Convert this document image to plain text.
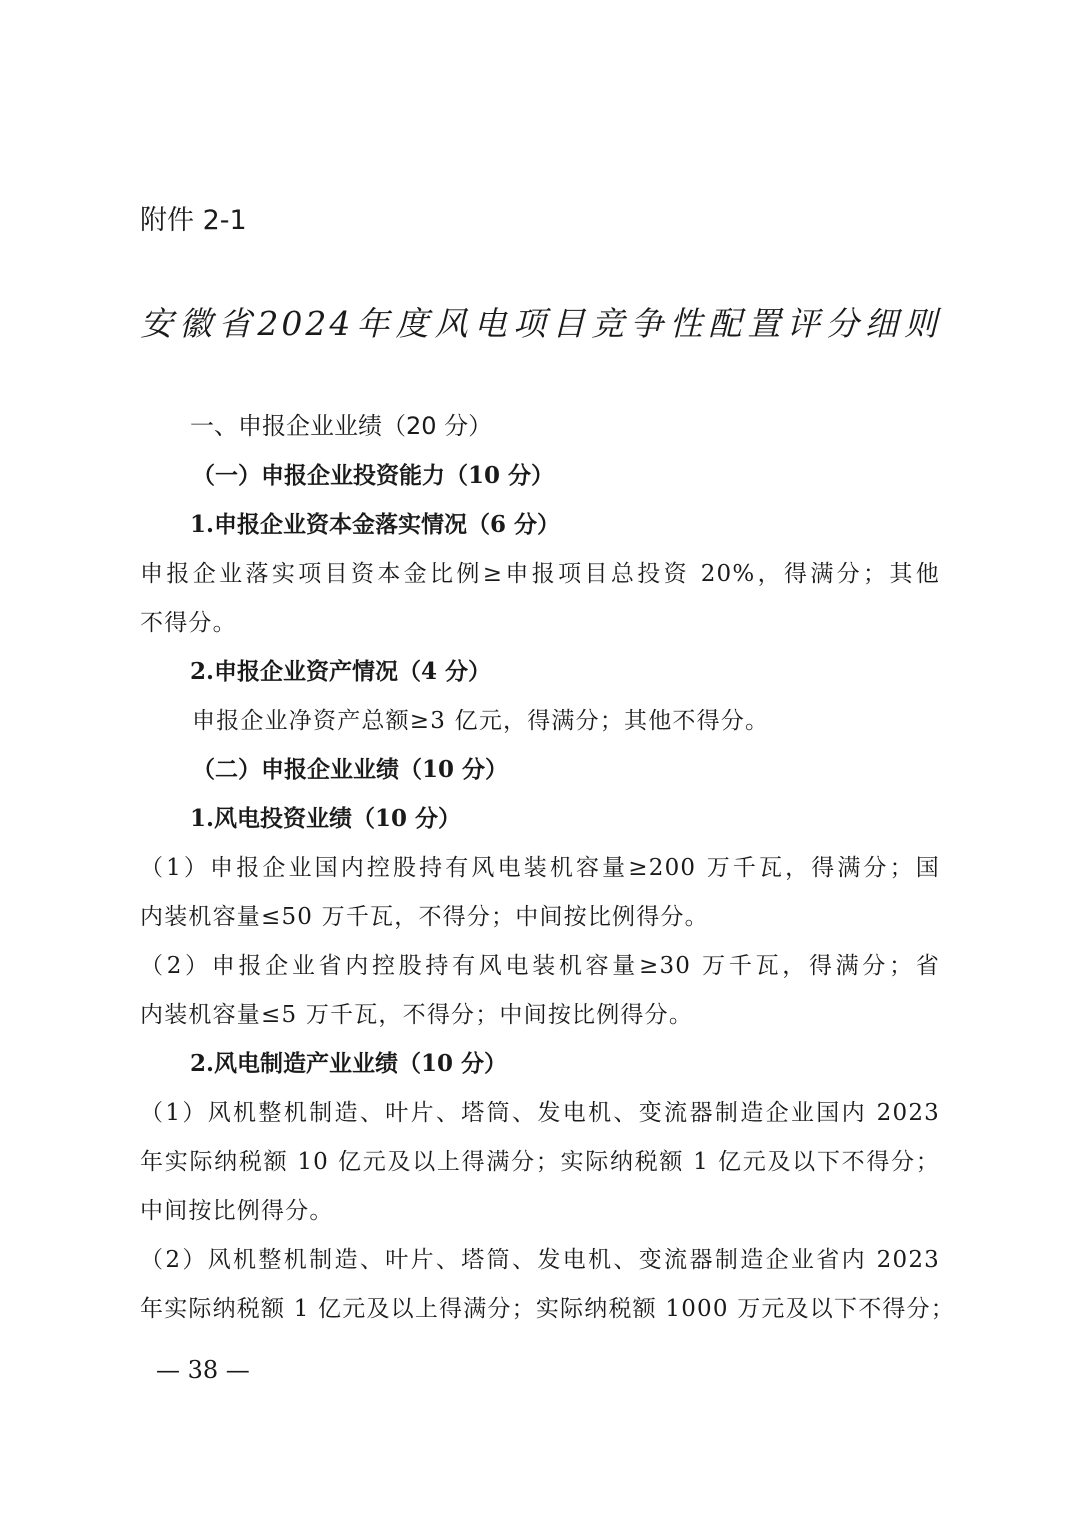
附件 2-1
安徽省2024年度风电项目竞争性配置评分细则
一、申报企业业绩（20 分）
（一）申报企业投资能力（10 分）
1.申报企业资本金落实情况（6 分）
申报企业落实项目资本金比例≥申报项目总投资 20%，得满分；其他
不得分。
2.申报企业资产情况（4 分）
申报企业净资产总额≥3 亿元，得满分；其他不得分。
（二）申报企业业绩（10 分）
1.风电投资业绩（10 分）
（1）申报企业国内控股持有风电装机容量≥200 万千瓦，得满分；国
内装机容量≤50 万千瓦，不得分；中间按比例得分。
（2）申报企业省内控股持有风电装机容量≥30 万千瓦，得满分；省
内装机容量≤5 万千瓦，不得分；中间按比例得分。
2.风电制造产业业绩（10 分）
（1）风机整机制造、叶片、塔筒、发电机、变流器制造企业国内 2023
年实际纳税额 10 亿元及以上得满分；实际纳税额 1 亿元及以下不得分；
中间按比例得分。
（2）风机整机制造、叶片、塔筒、发电机、变流器制造企业省内 2023
年实际纳税额 1 亿元及以上得满分；实际纳税额 1000 万元及以下不得分；
— 38 —
